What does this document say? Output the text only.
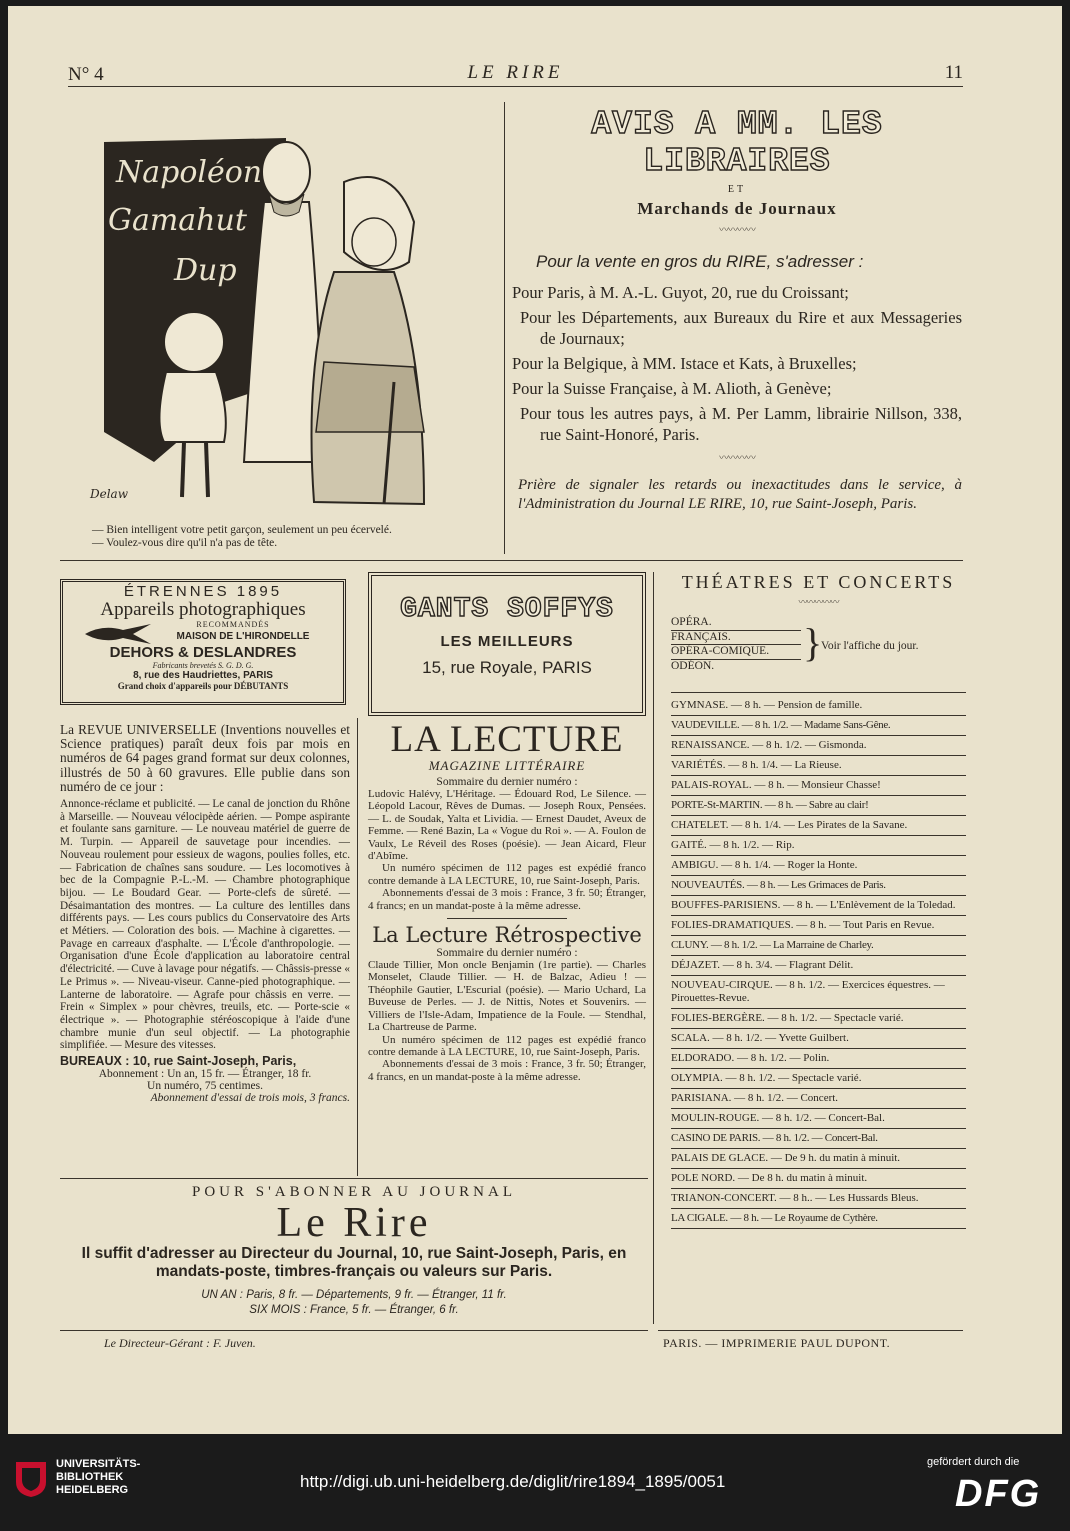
N° 4	LE RIRE	11
Napoléon
Gamahut
Dup
Delaw
— Bien intelligent votre petit garçon, seulement un peu écervelé.
— Voulez-vous dire qu'il n'a pas de tête.
AVIS A MM. LES LIBRAIRES
ET
Marchands de Journaux
〰〰〰〰
Pour la vente en gros du RIRE, s'adresser :

Pour Paris, à M. A.-L. Guyot, 20, rue du Croissant;

Pour les Départements, aux Bureaux du Rire et aux Messageries de Journaux;

Pour la Belgique, à MM. Istace et Kats, à Bruxelles;

Pour la Suisse Française, à M. Alioth, à Genève;

Pour tous les autres pays, à M. Per Lamm, librairie Nillson, 338, rue Saint-Honoré, Paris.

〰〰〰〰
Prière de signaler les retards ou inexactitudes dans le service, à l'Administration du Journal LE RIRE, 10, rue Saint-Joseph, Paris.
ÉTRENNES 1895
Appareils photographiques
RECOMMANDÉS
MAISON DE L'HIRONDELLE
DEHORS & DESLANDRES
Fabricants brevetés S. G. D. G.
8, rue des Haudriettes, PARIS
Grand choix d'appareils pour DÉBUTANTS
GANTS SOFFYS
LES MEILLEURS
15, rue Royale, PARIS
La REVUE UNIVERSELLE (Inventions nouvelles et Science pratiques) paraît deux fois par mois en numéros de 64 pages grand format sur deux colonnes, illustrés de 50 à 60 gravures. Elle publie dans son numéro de ce jour :
Annonce-réclame et publicité. — Le canal de jonction du Rhône à Marseille. — Nouveau vélocipède aérien. — Pompe aspirante et foulante sans garniture. — Le nouveau matériel de guerre de M. Turpin. — Appareil de sauvetage pour incendies. — Nouveau roulement pour essieux de wagons, poulies folles, etc. — Fabrication de chaînes sans soudure. — Les locomotives à bec de la Compagnie P.-L.-M. — Chambre photographique bijou. — Le Boudard Gear. — Porte-clefs de sûreté. — Désaimantation des montres. — La culture des lentilles dans différents pays. — Les cours publics du Conservatoire des Arts et Métiers. — Coloration des bois. — Machine à cigarettes. — Pavage en carreaux d'asphalte. — L'École d'anthropologie. — Organisation d'une École d'application au laboratoire central d'électricité. — Cuve à lavage pour négatifs. — Châssis-presse « Le Primus ». — Niveau-viseur. Canne-pied photographique. — Lanterne de laboratoire. — Agrafe pour châssis en verre. — Frein « Simplex » pour chèvres, treuils, etc. — Porte-scie « électrique ». — Photographie stéréoscopique à l'aide d'une chambre munie d'un seul objectif. — La photographie simplifiée. — Mesure des vitesses.
BUREAUX : 10, rue Saint-Joseph, Paris,
Abonnement : Un an, 15 fr. — Étranger, 18 fr.
Un numéro, 75 centimes.
Abonnement d'essai de trois mois, 3 francs.
LA LECTURE
MAGAZINE LITTÉRAIRE
Sommaire du dernier numéro :
Ludovic Halévy, L'Héritage. — Édouard Rod, Le Silence. — Léopold Lacour, Rêves de Dumas. — Joseph Roux, Pensées. — L. de Soudak, Yalta et Lividia. — Ernest Daudet, Aveux de Femme. — René Bazin, La « Vogue du Roi ». — A. Foulon de Vaulx, Le Réveil des Roses (poésie). — Jean Aicard, Fleur d'Abîme.
Un numéro spécimen de 112 pages est expédié franco contre demande à LA LECTURE, 10, rue Saint-Joseph, Paris.
Abonnements d'essai de 3 mois : France, 3 fr. 50; Étranger, 4 francs; en un mandat-poste à la même adresse.
La Lecture Rétrospective
Sommaire du dernier numéro :
Claude Tillier, Mon oncle Benjamin (1re partie). — Charles Monselet, Claude Tillier. — H. de Balzac, Adieu ! — Théophile Gautier, L'Escurial (poésie). — Mario Uchard, La Buveuse de Perles. — J. de Nittis, Notes et Souvenirs. — Villiers de l'Isle-Adam, Impatience de la Foule. — Stendhal, La Chartreuse de Parme.
Un numéro spécimen de 112 pages est expédié franco contre demande à LA LECTURE, 10, rue Saint-Joseph, Paris.
Abonnements d'essai de 3 mois : France, 3 fr. 50; Étranger, 4 francs, en un mandat-poste à la même adresse.
POUR S'ABONNER AU JOURNAL
Le Rire
Il suffit d'adresser au Directeur du Journal, 10, rue Saint-Joseph, Paris, en mandats-poste, timbres-français ou valeurs sur Paris.
UN AN : Paris, 8 fr. — Départements, 9 fr. — Étranger, 11 fr.
SIX MOIS : France, 5 fr. — Étranger, 6 fr.
THÉATRES ET CONCERTS
〰〰〰〰〰
OPÉRA.
FRANÇAIS.
OPÉRA-COMIQUE.
ODÉON.
}
Voir l'affiche du jour.
GYMNASE. — 8 h. — Pension de famille.
VAUDEVILLE. — 8 h. 1/2. — Madame Sans-Gêne.
RENAISSANCE. — 8 h. 1/2. — Gismonda.
VARIÉTÉS. — 8 h. 1/4. — La Rieuse.
PALAIS-ROYAL. — 8 h. — Monsieur Chasse!
PORTE-St-MARTIN. — 8 h. — Sabre au clair!
CHATELET. — 8 h. 1/4. — Les Pirates de la Savane.
GAITÉ. — 8 h. 1/2. — Rip.
AMBIGU. — 8 h. 1/4. — Roger la Honte.
NOUVEAUTÉS. — 8 h. — Les Grimaces de Paris.
BOUFFES-PARISIENS. — 8 h. — L'Enlèvement de la Toledad.
FOLIES-DRAMATIQUES. — 8 h. — Tout Paris en Revue.
CLUNY. — 8 h. 1/2. — La Marraine de Charley.
DÉJAZET. — 8 h. 3/4. — Flagrant Délit.
NOUVEAU-CIRQUE. — 8 h. 1/2. — Exercices équestres. — Pirouettes-Revue.
FOLIES-BERGÈRE. — 8 h. 1/2. — Spectacle varié.
SCALA. — 8 h. 1/2. — Yvette Guilbert.
ELDORADO. — 8 h. 1/2. — Polin.
OLYMPIA. — 8 h. 1/2. — Spectacle varié.
PARISIANA. — 8 h. 1/2. — Concert.
MOULIN-ROUGE. — 8 h. 1/2. — Concert-Bal.
CASINO DE PARIS. — 8 h. 1/2. — Concert-Bal.
PALAIS DE GLACE. — De 9 h. du matin à minuit.
POLE NORD. — De 8 h. du matin à minuit.
TRIANON-CONCERT. — 8 h.. — Les Hussards Bleus.
LA CIGALE. — 8 h. — Le Royaume de Cythère.
Le Directeur-Gérant : F. Juven.	PARIS. — IMPRIMERIE PAUL DUPONT.
UNIVERSITÄTS-
BIBLIOTHEK
HEIDELBERG	http://digi.ub.uni-heidelberg.de/diglit/rire1894_1895/0051
gefördert durch die
DFG
